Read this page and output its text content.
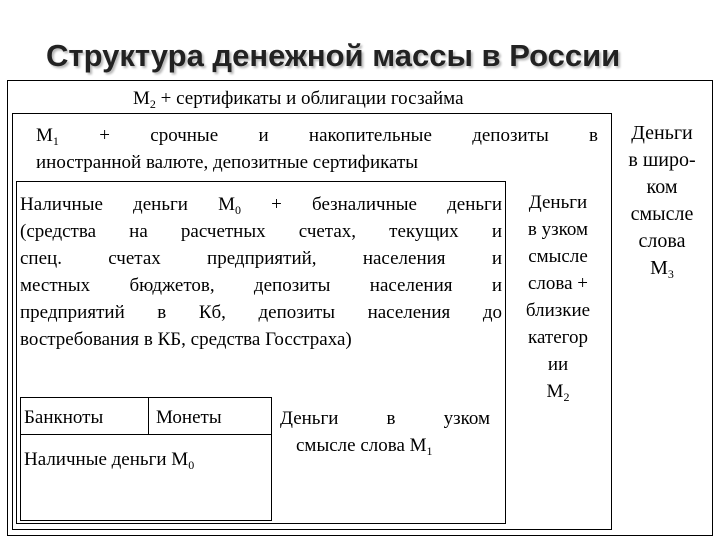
Структура денежной массы в России
$М_2$ + сертификаты и облигации госзайма
$М_1$ + срочные и накопительные депозиты в
иностранной валюте, депозитные сертификаты
Деньги
в широ-
ком
смысле
слова
$М_3$
Наличные деньги $М_0$ + безналичные деньги
(средства на расчетных счетах, текущих и
спец. счетах предприятий, населения и
местных бюджетов, депозиты населения и
предприятий в Кб, депозиты населения до
востребования в КБ, средства Госстраха)
Деньги
в узком
смысле
слова +
близкие
категор
ии
$М_2$
Банкноты	Монеты
Наличные деньги $М_0$
Деньги в узком
смысле слова $М_1$
